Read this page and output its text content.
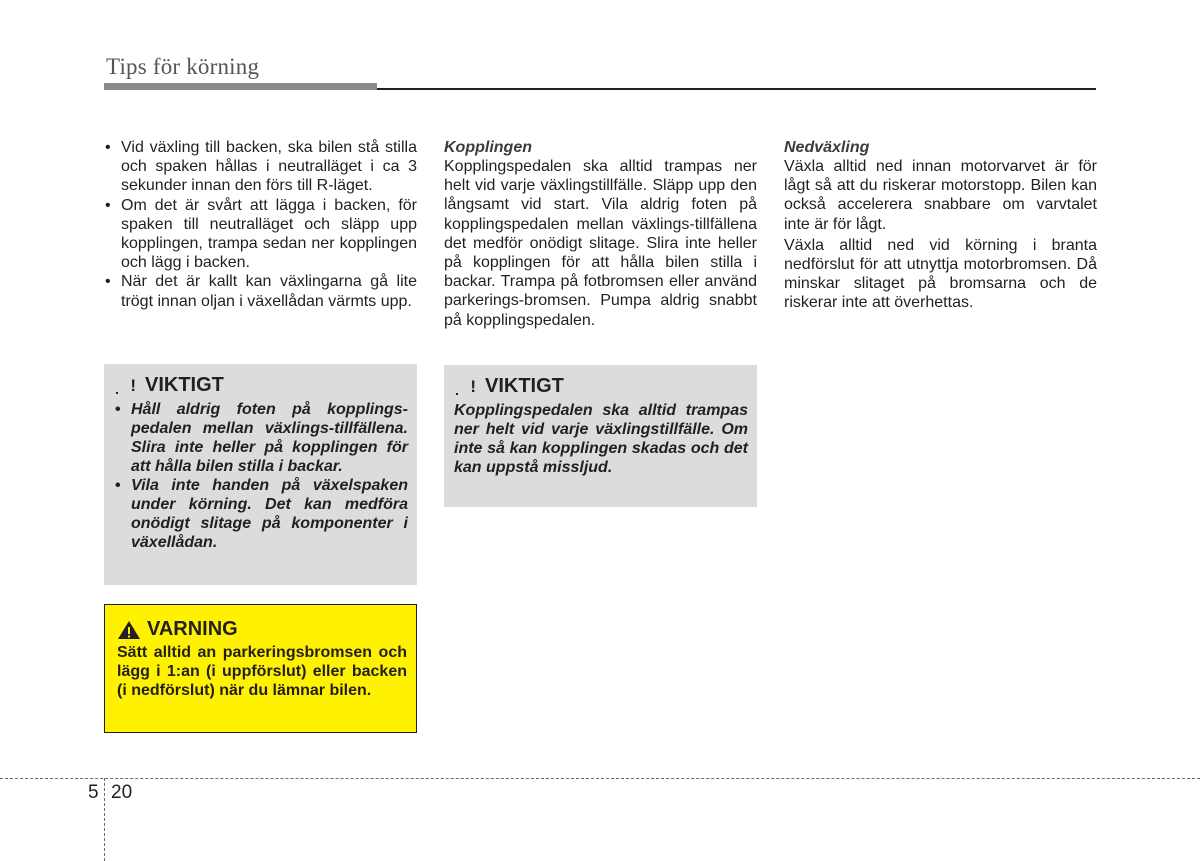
Tips för körning
• Vid växling till backen, ska bilen stå stilla och spaken hållas i neutralläget i ca 3 sekunder innan den förs till R-läget.
• Om det är svårt att lägga i backen, för spaken till neutralläget och släpp upp kopplingen, trampa sedan ner kopplingen och lägg i backen.
• När det är kallt kan växlingarna gå lite trögt innan oljan i växellådan värmts upp.
! VIKTIGT
• Håll aldrig foten på kopplings-pedalen mellan växlings-tillfällena. Slira inte heller på kopplingen för att hålla bilen stilla i backar.
• Vila inte handen på växelspaken under körning. Det kan medföra onödigt slitage på komponenter i växellådan.
VARNING

Sätt alltid an parkeringsbromsen och lägg i 1:an (i uppförslut) eller backen (i nedförslut) när du lämnar bilen.

Kopplingen

Kopplingspedalen ska alltid trampas ner helt vid varje växlingstillfälle. Släpp upp den långsamt vid start. Vila aldrig foten på kopplingspedalen mellan växlings-tillfällena det medför onödigt slitage. Slira inte heller på kopplingen för att hålla bilen stilla i backar. Trampa på fotbromsen eller använd parkerings-bromsen. Pumpa aldrig snabbt på kopplingspedalen.

! VIKTIGT

Kopplingspedalen ska alltid trampas ner helt vid varje växlingstillfälle. Om inte så kan kopplingen skadas och det kan uppstå missljud.

Nedväxling

Växla alltid ned innan motorvarvet är för lågt så att du riskerar motorstopp. Bilen kan också accelerera snabbare om varvtalet inte är för lågt.

Växla alltid ned vid körning i branta nedförslut för att utnyttja motorbromsen. Då minskar slitaget på bromsarna och de riskerar inte att överhettas.

5 20
